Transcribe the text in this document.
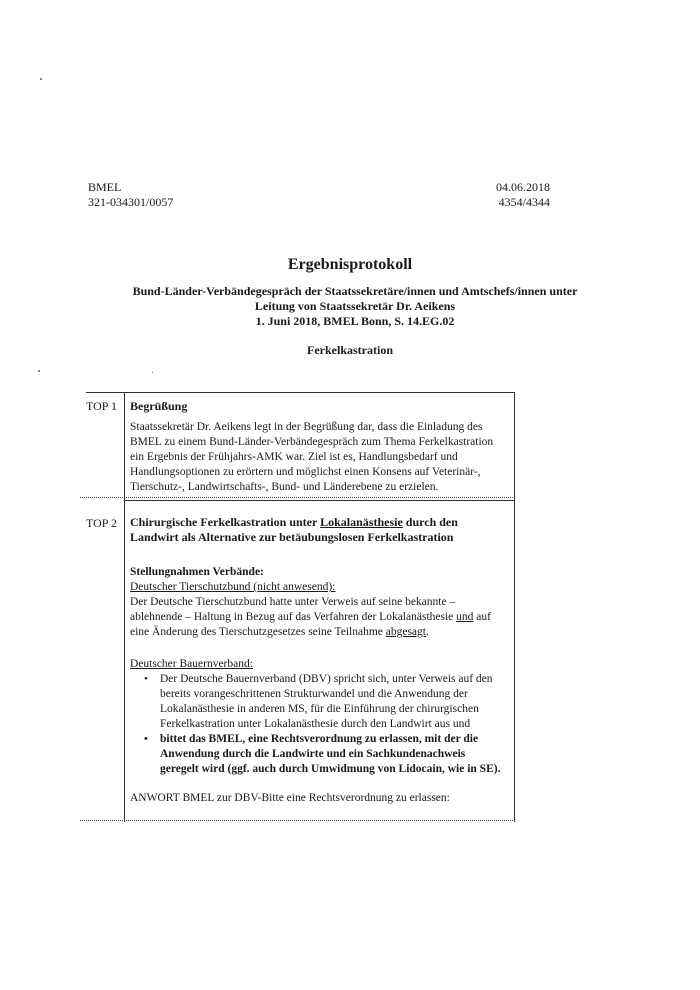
BMEL
321-034301/0057
04.06.2018
4354/4344
Ergebnisprotokoll
Bund-Länder-Verbändegespräch der Staatssekretäre/innen und Amtschefs/innen unter
Leitung von Staatssekretär Dr. Aeikens
1. Juni 2018, BMEL Bonn, S. 14.EG.02
Ferkelkastration
TOP 1 Begrüßung
Staatssekretär Dr. Aeikens legt in der Begrüßung dar, dass die Einladung des BMEL zu einem Bund-Länder-Verbändegespräch zum Thema Ferkelkastration ein Ergebnis der Frühjahrs-AMK war. Ziel ist es, Handlungsbedarf und Handlungsoptionen zu erörtern und möglichst einen Konsens auf Veterinär-, Tierschutz-, Landwirtschafts-, Bund- und Länderebene zu erzielen.
TOP 2 Chirurgische Ferkelkastration unter Lokalanästhesie durch den Landwirt als Alternative zur betäubungslosen Ferkelkastration
Stellungnahmen Verbände:
Deutscher Tierschutzbund (nicht anwesend):
Der Deutsche Tierschutzbund hatte unter Verweis auf seine bekannte – ablehnende – Haltung in Bezug auf das Verfahren der Lokalanästhesie und auf eine Änderung des Tierschutzgesetzes seine Teilnahme abgesagt.
Deutscher Bauernverband:
• Der Deutsche Bauernverband (DBV) spricht sich, unter Verweis auf den bereits vorangeschrittenen Strukturwandel und die Anwendung der Lokalanästhesie in anderen MS, für die Einführung der chirurgischen Ferkelkastration unter Lokalanästhesie durch den Landwirt aus und
• bittet das BMEL, eine Rechtsverordnung zu erlassen, mit der die Anwendung durch die Landwirte und ein Sachkundenachweis geregelt wird (ggf. auch durch Umwidmung von Lidocain, wie in SE).
ANWORT BMEL zur DBV-Bitte eine Rechtsverordnung zu erlassen:
